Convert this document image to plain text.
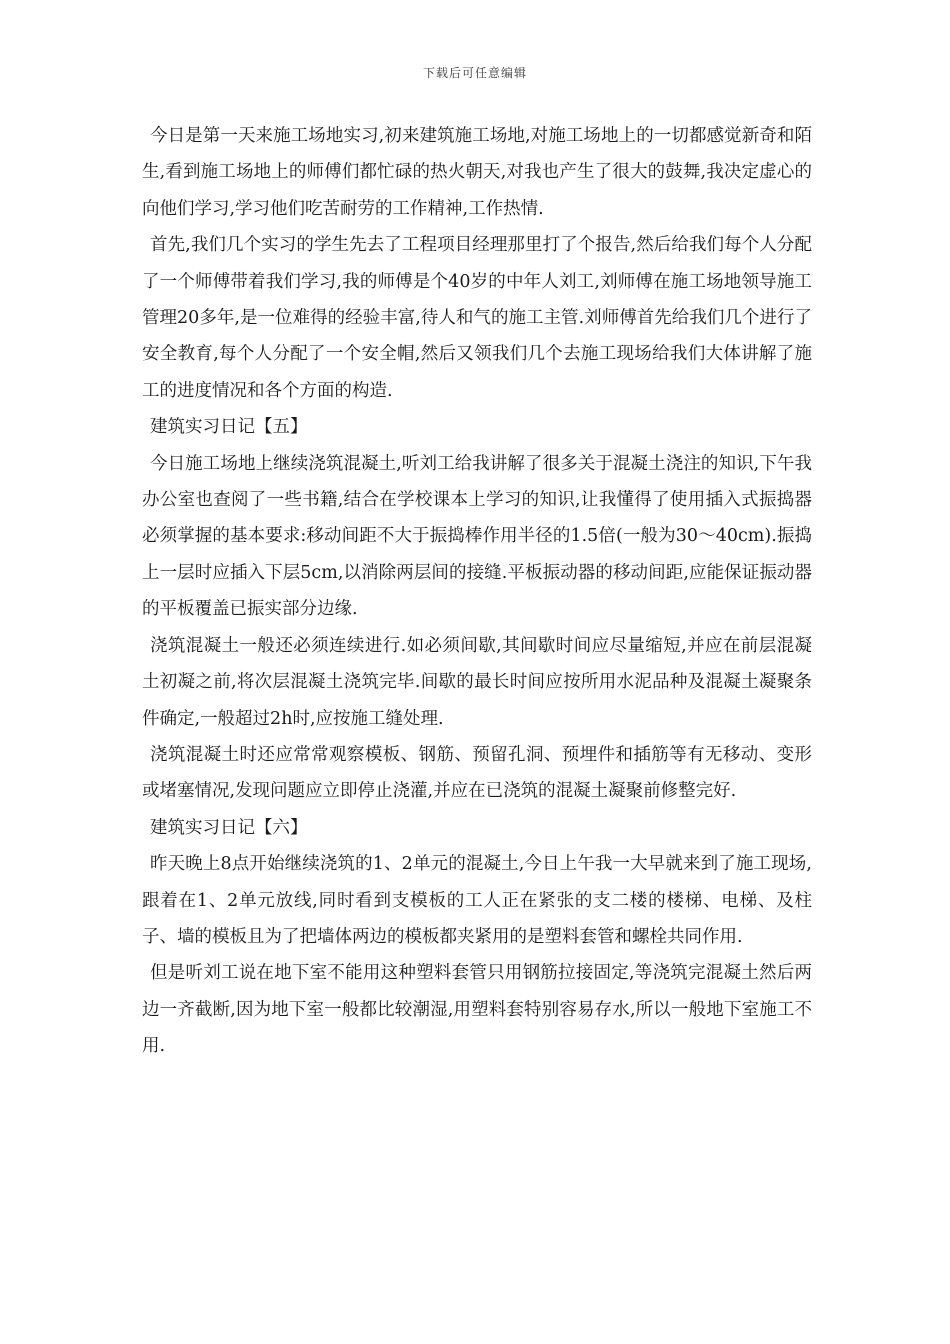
下载后可任意编辑

今日是第一天来施工场地实习,初来建筑施工场地,对施工场地上的一切都感觉新奇和陌生,看到施工场地上的师傅们都忙碌的热火朝天,对我也产生了很大的鼓舞,我决定虚心的向他们学习,学习他们吃苦耐劳的工作精神,工作热情.

首先,我们几个实习的学生先去了工程项目经理那里打了个报告,然后给我们每个人分配了一个师傅带着我们学习,我的师傅是个40岁的中年人刘工,刘师傅在施工场地领导施工管理20多年,是一位难得的经验丰富,待人和气的施工主管.刘师傅首先给我们几个进行了安全教育,每个人分配了一个安全帽,然后又领我们几个去施工现场给我们大体讲解了施工的进度情况和各个方面的构造.

建筑实习日记【五】

今日施工场地上继续浇筑混凝土,听刘工给我讲解了很多关于混凝土浇注的知识,下午我办公室也查阅了一些书籍,结合在学校课本上学习的知识,让我懂得了使用插入式振捣器必须掌握的基本要求:移动间距不大于振捣棒作用半径的1.5倍(一般为30～40cm).振捣上一层时应插入下层5cm,以消除两层间的接缝.平板振动器的移动间距,应能保证振动器的平板覆盖已振实部分边缘.

浇筑混凝土一般还必须连续进行.如必须间歇,其间歇时间应尽量缩短,并应在前层混凝土初凝之前,将次层混凝土浇筑完毕.间歇的最长时间应按所用水泥品种及混凝土凝聚条件确定,一般超过2h时,应按施工缝处理.

浇筑混凝土时还应常常观察模板、钢筋、预留孔洞、预埋件和插筋等有无移动、变形或堵塞情况,发现问题应立即停止浇灌,并应在已浇筑的混凝土凝聚前修整完好.

建筑实习日记【六】

昨天晚上8点开始继续浇筑的1、2单元的混凝土,今日上午我一大早就来到了施工现场,跟着在1、2单元放线,同时看到支模板的工人正在紧张的支二楼的楼梯、电梯、及柱子、墙的模板且为了把墙体两边的模板都夹紧用的是塑料套管和螺栓共同作用.

但是听刘工说在地下室不能用这种塑料套管只用钢筋拉接固定,等浇筑完混凝土然后两边一齐截断,因为地下室一般都比较潮湿,用塑料套特别容易存水,所以一般地下室施工不用.
